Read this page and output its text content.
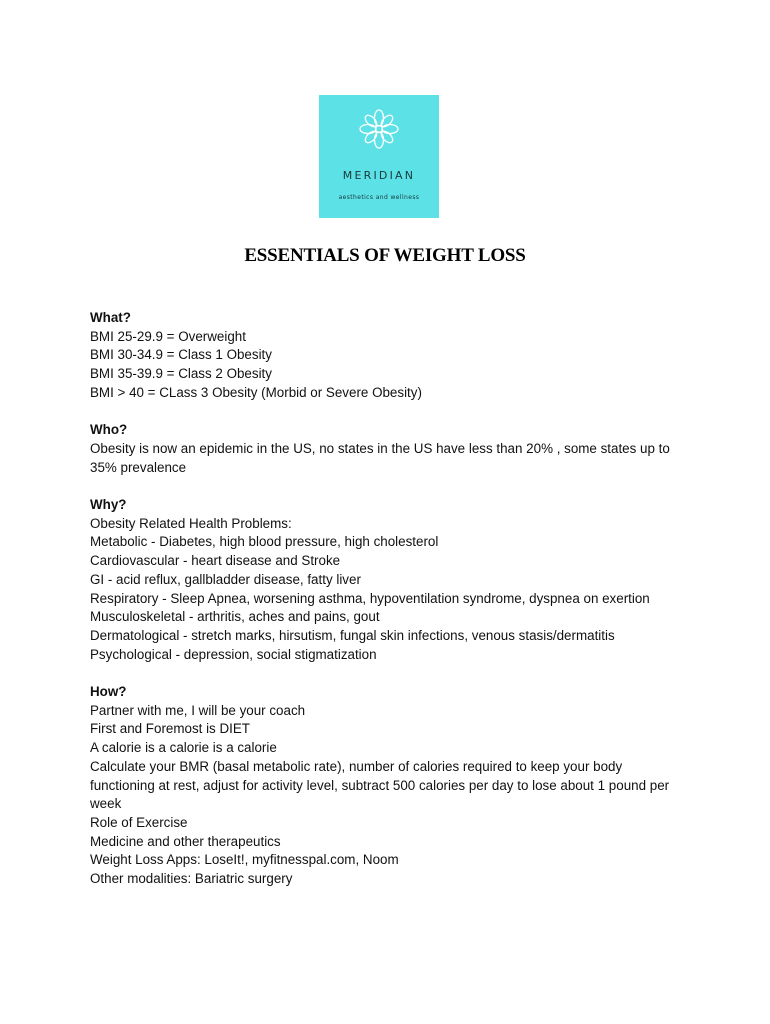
MERIDIAN
aesthetics and wellness
ESSENTIALS OF WEIGHT LOSS
What?
BMI 25-29.9 = Overweight
BMI 30-34.9 = Class 1 Obesity
BMI 35-39.9 = Class 2 Obesity
BMI > 40 = CLass 3 Obesity (Morbid or Severe Obesity)
Who?
Obesity is now an epidemic in the US, no states in the US have less than 20% , some states up to 35% prevalence
Why?
Obesity Related Health Problems:
Metabolic - Diabetes, high blood pressure, high cholesterol
Cardiovascular - heart disease and Stroke
GI - acid reflux, gallbladder disease, fatty liver
Respiratory - Sleep Apnea, worsening asthma, hypoventilation syndrome, dyspnea on exertion
Musculoskeletal - arthritis, aches and pains, gout
Dermatological - stretch marks, hirsutism, fungal skin infections, venous stasis/dermatitis
Psychological - depression, social stigmatization
How?
Partner with me, I will be your coach
First and Foremost is DIET
A calorie is a calorie is a calorie
Calculate your BMR (basal metabolic rate), number of calories required to keep your body functioning at rest, adjust for activity level, subtract 500 calories per day to lose about 1 pound per week
Role of Exercise
Medicine and other therapeutics
Weight Loss Apps: LoseIt!, myfitnesspal.com, Noom
Other modalities: Bariatric surgery
